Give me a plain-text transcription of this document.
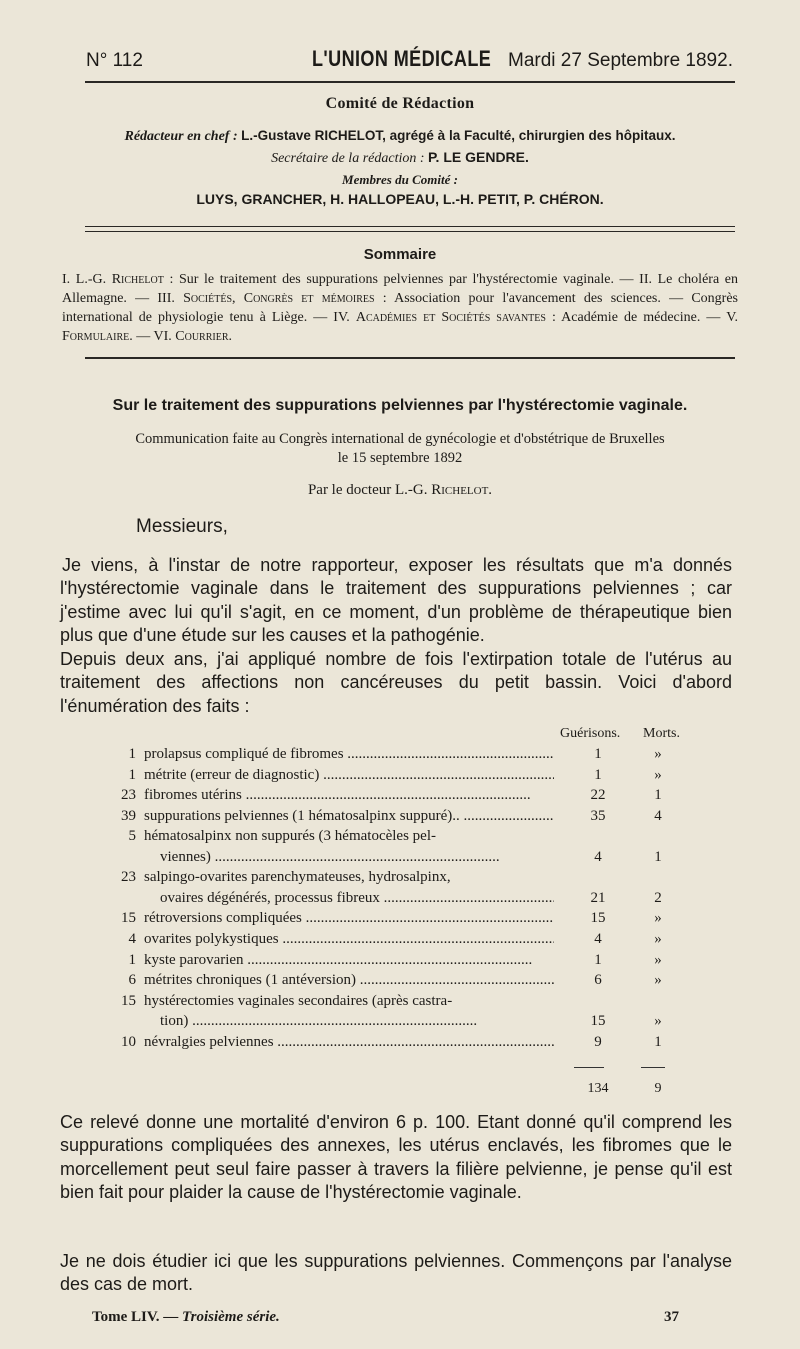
N° 112	L'UNION MÉDICALE Mardi 27 Septembre 1892.
Comité de Rédaction
Rédacteur en chef : L.-Gustave RICHELOT, agrégé à la Faculté, chirurgien des hôpitaux.
Secrétaire de la rédaction : P. LE GENDRE.
Membres du Comité :
LUYS, GRANCHER, H. HALLOPEAU, L.-H. PETIT, P. CHÉRON.
Sommaire
I. L.-G. Richelot : Sur le traitement des suppurations pelviennes par l'hystérectomie vaginale. — II. Le choléra en Allemagne. — III. Sociétés, Congrès et mémoires : Association pour l'avancement des sciences. — Congrès international de physiologie tenu à Liège. — IV. Académies et Sociétés savantes : Académie de médecine. — V. Formulaire. — VI. Courrier.
Sur le traitement des suppurations pelviennes par l'hystérectomie vaginale.
Communication faite au Congrès international de gynécologie et d'obstétrique de Bruxelles
le 15 septembre 1892
Par le docteur L.-G. Richelot.
Messieurs,
Je viens, à l'instar de notre rapporteur, exposer les résultats que m'a donnés l'hystérectomie vaginale dans le traitement des suppurations pelviennes ; car j'estime avec lui qu'il s'agit, en ce moment, d'un problème de thérapeutique bien plus que d'une étude sur les causes et la pathogénie.
Depuis deux ans, j'ai appliqué nombre de fois l'extirpation totale de l'utérus au traitement des affections non cancéreuses du petit bassin. Voici d'abord l'énumération des faits :
Guérisons. Morts.
1 prolapsus compliqué de fibromes .....	1	»
1 métrite (erreur de diagnostic) .....	1	»
23 fibromes utérins .....	22	1
39 suppurations pelviennes (1 hématosalpinx suppuré).. .....	35	4
5 hématosalpinx non suppurés (3 hématocèles pel-
viennes) .....	4	1
23 salpingo-ovarites parenchymateuses, hydrosalpinx,
ovaires dégénérés, processus fibreux .....	21	2
15 rétroversions compliquées .....	15	»
4 ovarites polykystiques .....	4	»
1 kyste parovarien .....	1	»
6 métrites chroniques (1 antéversion) .....	6	»
15 hystérectomies vaginales secondaires (après castra-
tion) .....	15	»
10 névralgies pelviennes .....	9	1
134	9
Ce relevé donne une mortalité d'environ 6 p. 100. Etant donné qu'il comprend les suppurations compliquées des annexes, les utérus enclavés, les fibromes que le morcellement peut seul faire passer à travers la filière pelvienne, je pense qu'il est bien fait pour plaider la cause de l'hystérectomie vaginale.
Je ne dois étudier ici que les suppurations pelviennes. Commençons par l'analyse des cas de mort.
Tome LIV. — Troisième série.	37
